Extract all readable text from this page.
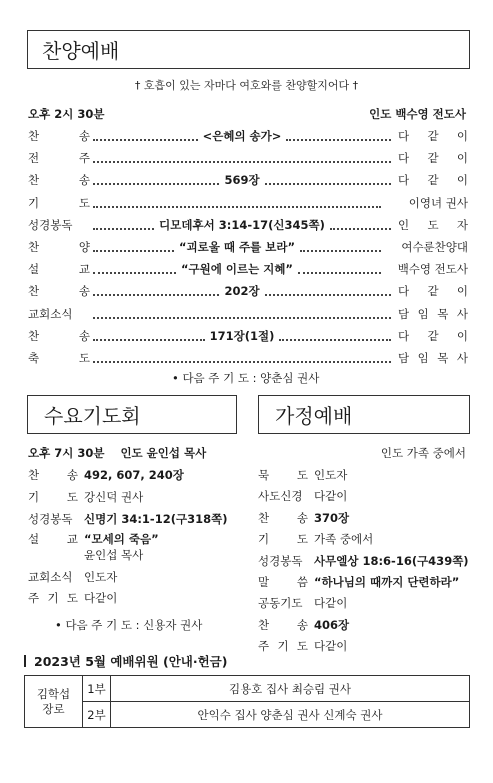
찬양예배
† 호흡이 있는 자마다 여호와를 찬양할지어다 †
오후 2시 30분	인도 백수영 전도사
찬	송	<은혜의 송가>	다 같 이
전	주	다 같 이
찬	송	569장	다 같 이
기	도	이영녀 권사
성경봉독	디모데후서 3:14-17(신345쪽)	인 도 자
찬	양	“괴로울 때 주를 보라”	여수룬찬양대
설	교	“구원에 이르는 지혜”	백수영 전도사
찬	송	202장	다 같 이
교회소식	담 임 목 사
찬	송	171장(1절)	다 같 이
축	도	담 임 목 사
• 다음 주 기 도 : 양춘심 권사
수요기도회
오후 7시 30분 인도 윤인섭 목사
찬 송 492, 607, 240장
기 도 강신덕 권사
성경봉독	신명기 34:1-12(구318쪽)
설 교 “모세의 죽음”
윤인섭 목사
교회소식	인도자
주 기 도 다같이
• 다음 주 기 도 : 신용자 권사
가정예배
인도 가족 중에서
묵 도 인도자
사도신경	다같이
찬 송 370장
기 도 가족 중에서
성경봉독	사무엘상 18:6-16(구439쪽)
말 씀 “하나님의 때까지 단련하라”
공동기도	다같이
찬 송 406장
주 기 도 다같이
2023년 5월 예배위원 (안내·헌금)
김학섭
장로	1부	김용호 집사 최승림 권사
	2부	안익수 집사 양춘심 권사 신계숙 권사
